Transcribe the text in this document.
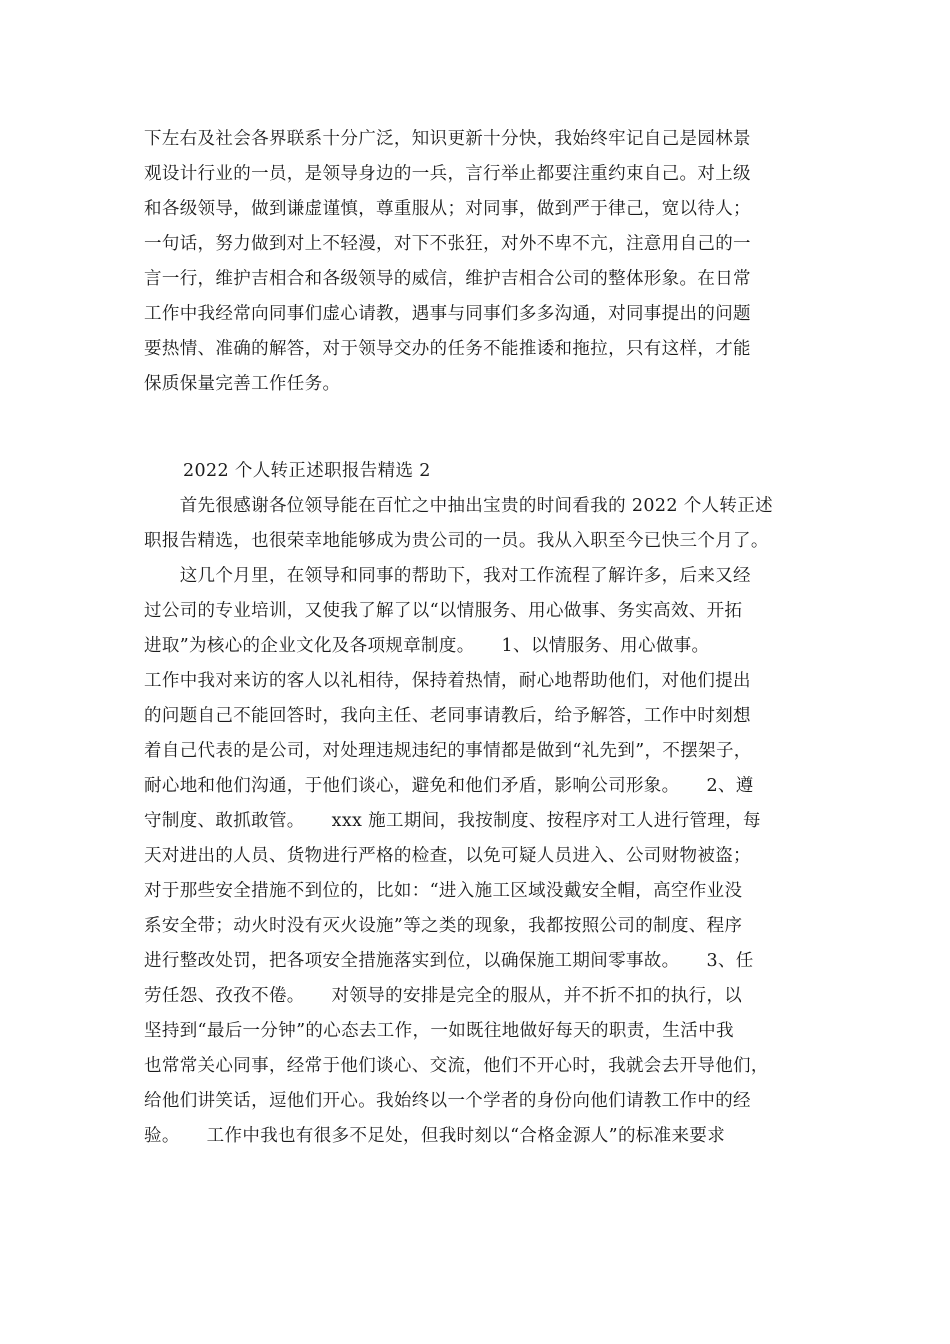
下左右及社会各界联系十分广泛，知识更新十分快，我始终牢记自己是园林景
观设计行业的一员，是领导身边的一兵，言行举止都要注重约束自己。对上级
和各级领导，做到谦虚谨慎，尊重服从；对同事，做到严于律己，宽以待人；
一句话，努力做到对上不轻漫，对下不张狂，对外不卑不亢，注意用自己的一
言一行，维护吉相合和各级领导的威信，维护吉相合公司的整体形象。在日常
工作中我经常向同事们虚心请教，遇事与同事们多多沟通，对同事提出的问题
要热情、准确的解答，对于领导交办的任务不能推诿和拖拉，只有这样，才能
保质保量完善工作任务。
2022 个人转正述职报告精选 2
　　首先很感谢各位领导能在百忙之中抽出宝贵的时间看我的 2022 个人转正述
职报告精选，也很荣幸地能够成为贵公司的一员。我从入职至今已快三个月了。
　　这几个月里，在领导和同事的帮助下，我对工作流程了解许多，后来又经
过公司的专业培训，又使我了解了以“以情服务、用心做事、务实高效、开拓
进取”为核心的企业文化及各项规章制度。　　1、以情服务、用心做事。
工作中我对来访的客人以礼相待，保持着热情，耐心地帮助他们，对他们提出
的问题自己不能回答时，我向主任、老同事请教后，给予解答，工作中时刻想
着自己代表的是公司，对处理违规违纪的事情都是做到“礼先到”，不摆架子，
耐心地和他们沟通，于他们谈心，避免和他们矛盾，影响公司形象。　　2、遵
守制度、敢抓敢管。　　xxx 施工期间，我按制度、按程序对工人进行管理，每
天对进出的人员、货物进行严格的检查，以免可疑人员进入、公司财物被盗；
对于那些安全措施不到位的，比如：“进入施工区域没戴安全帽，高空作业没
系安全带；动火时没有灭火设施”等之类的现象，我都按照公司的制度、程序
进行整改处罚，把各项安全措施落实到位，以确保施工期间零事故。　　3、任
劳任怨、孜孜不倦。　　对领导的安排是完全的服从，并不折不扣的执行，以
坚持到“最后一分钟”的心态去工作，一如既往地做好每天的职责，生活中我
也常常关心同事，经常于他们谈心、交流，他们不开心时，我就会去开导他们，
给他们讲笑话，逗他们开心。我始终以一个学者的身份向他们请教工作中的经
验。　　工作中我也有很多不足处，但我时刻以“合格金源人”的标准来要求
